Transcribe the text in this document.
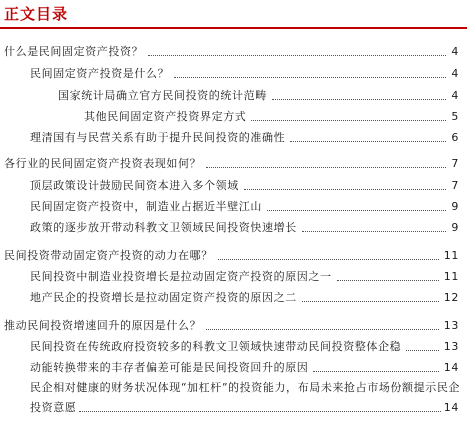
正文目录
什么是民间固定资产投资？	4
民间固定资产投资是什么？	4
国家统计局确立官方民间投资的统计范畴	4
其他民间固定资产投资界定方式	5
理清国有与民营关系有助于提升民间投资的准确性	6
各行业的民间固定资产投资表现如何？	7
顶层政策设计鼓励民间资本进入多个领域	7
民间固定资产投资中，制造业占据近半壁江山	9
政策的逐步放开带动科教文卫领域民间投资快速增长	9
民间投资带动固定资产投资的动力在哪？	11
民间投资中制造业投资增长是拉动固定资产投资的原因之一	11
地产民企的投资增长是拉动固定资产投资的原因之二	12
推动民间投资增速回升的原因是什么？	13
民间投资在传统政府投资较多的科教文卫领域快速带动民间投资整体企稳	13
动能转换带来的丰存者偏差可能是民间投资回升的原因	14
民企相对健康的财务状况体现“加杠杆”的投资能力，布局未来抢占市场份额提示民企
投资意愿	14
